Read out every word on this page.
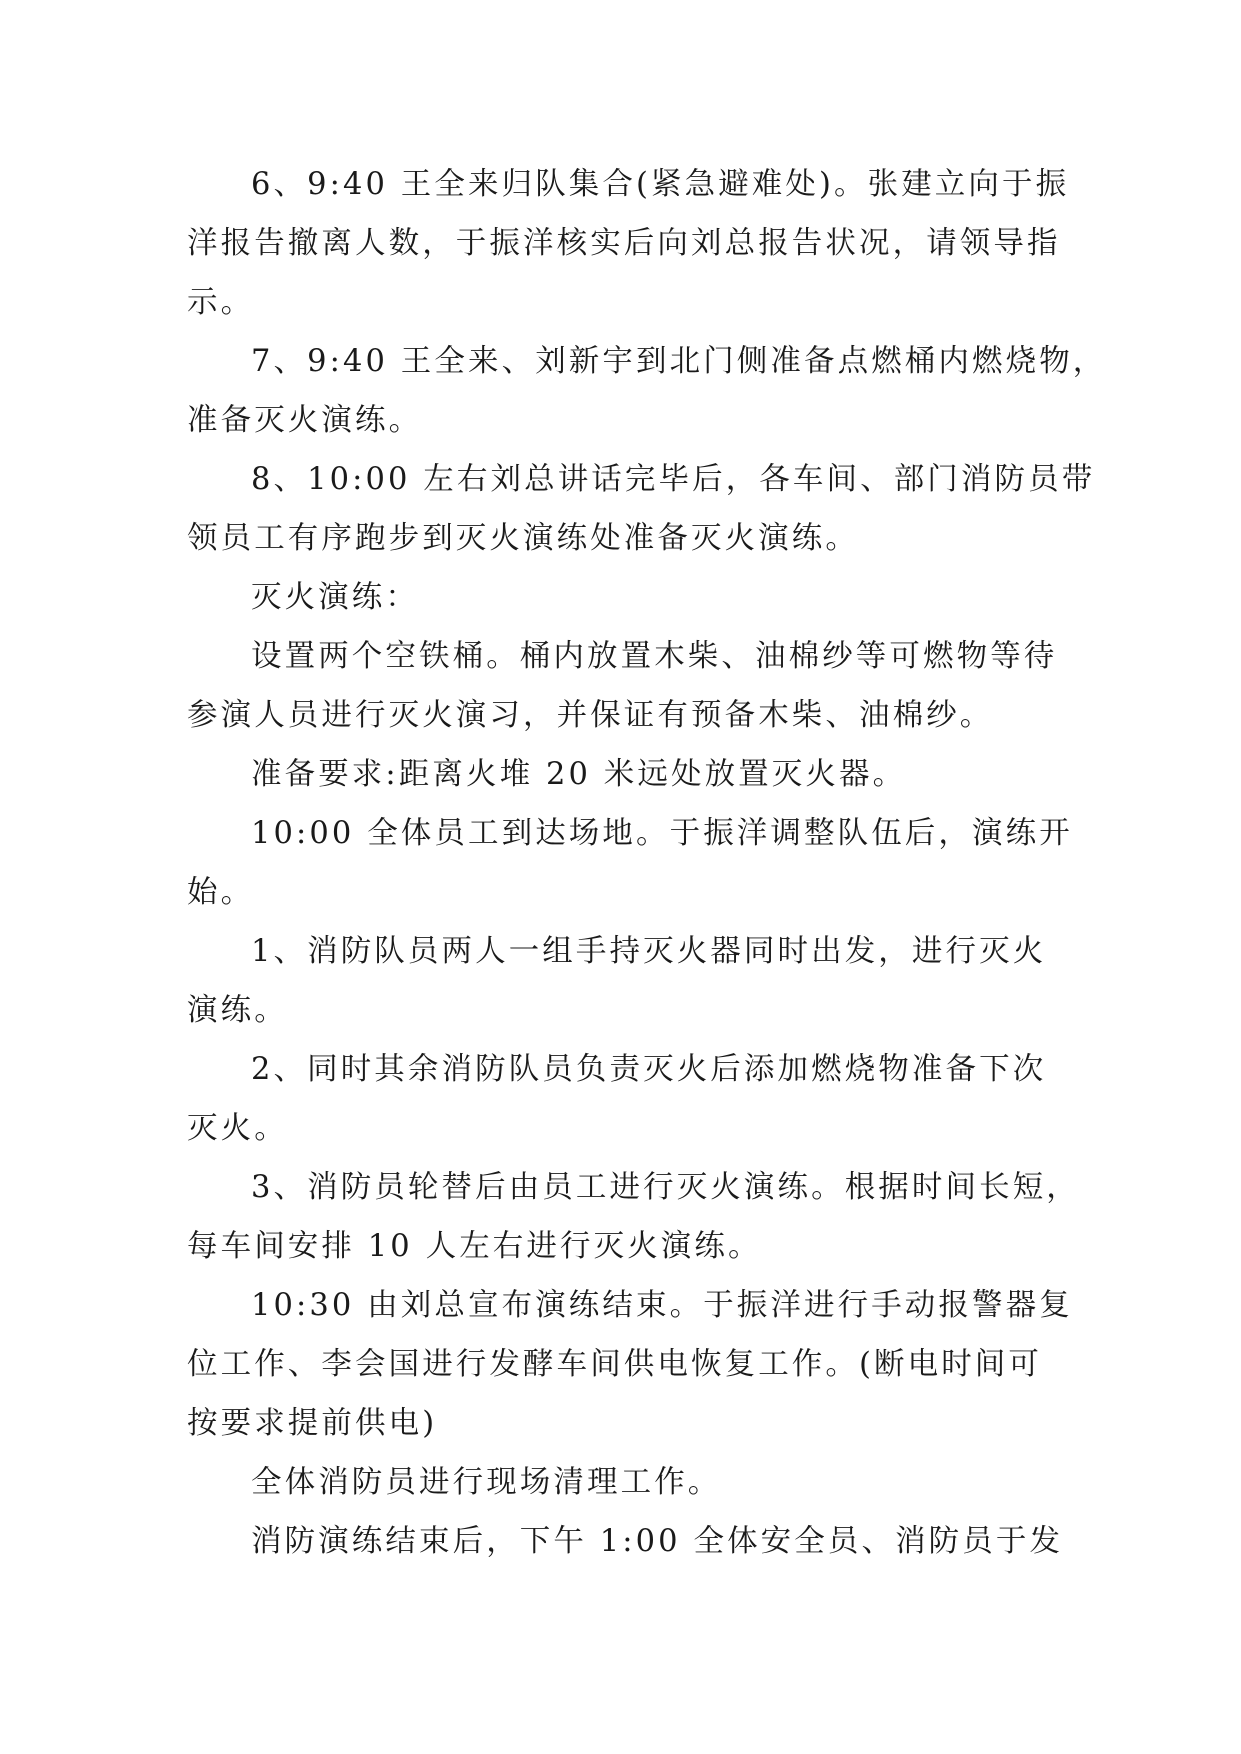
6、9:40 王全来归队集合(紧急避难处)。张建立向于振
洋报告撤离人数，于振洋核实后向刘总报告状况，请领导指
示。
7、9:40 王全来、刘新宇到北门侧准备点燃桶内燃烧物，
准备灭火演练。
8、10:00 左右刘总讲话完毕后，各车间、部门消防员带
领员工有序跑步到灭火演练处准备灭火演练。
灭火演练：
设置两个空铁桶。桶内放置木柴、油棉纱等可燃物等待
参演人员进行灭火演习，并保证有预备木柴、油棉纱。
准备要求:距离火堆 20 米远处放置灭火器。
10:00 全体员工到达场地。于振洋调整队伍后，演练开
始。
1、消防队员两人一组手持灭火器同时出发，进行灭火
演练。
2、同时其余消防队员负责灭火后添加燃烧物准备下次
灭火。
3、消防员轮替后由员工进行灭火演练。根据时间长短，
每车间安排 10 人左右进行灭火演练。
10:30 由刘总宣布演练结束。于振洋进行手动报警器复
位工作、李会国进行发酵车间供电恢复工作。(断电时间可
按要求提前供电)
全体消防员进行现场清理工作。
消防演练结束后，下午 1:00 全体安全员、消防员于发
